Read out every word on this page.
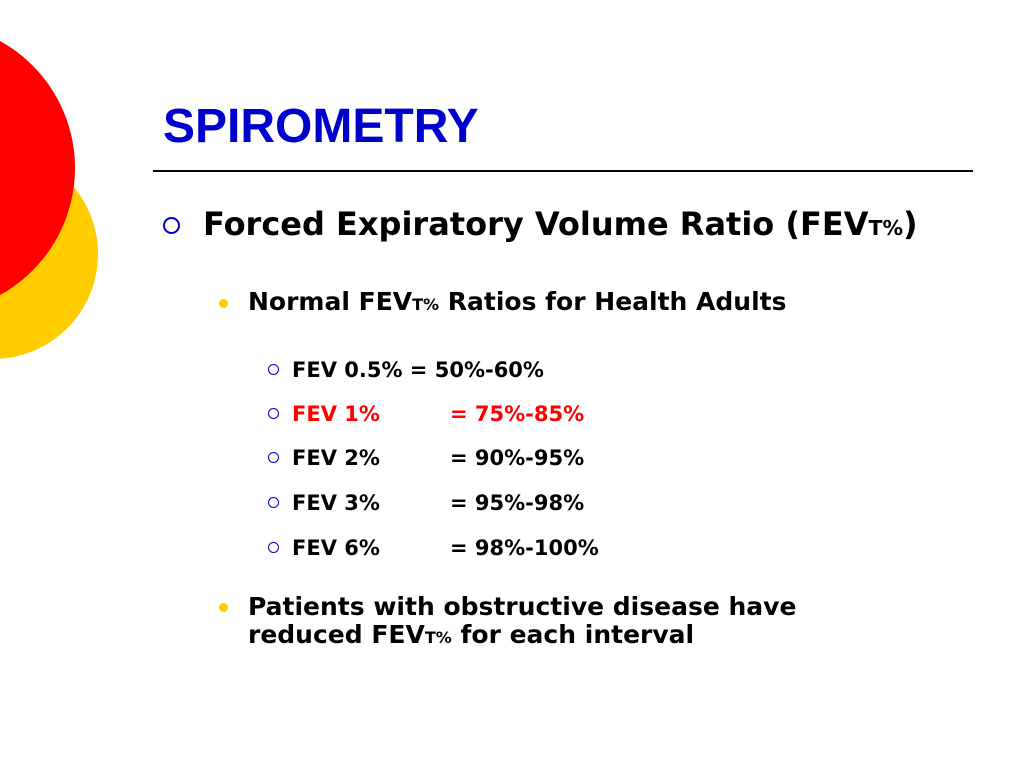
SPIROMETRY
Forced Expiratory Volume Ratio (FEVT%)
Normal FEVT% Ratios for Health Adults
FEV 0.5% = 50%-60%
FEV 1%	= 75%-85%
FEV 2%	= 90%-95%
FEV 3%	= 95%-98%
FEV 6%	= 98%-100%
Patients with obstructive disease have
reduced FEVT% for each interval
